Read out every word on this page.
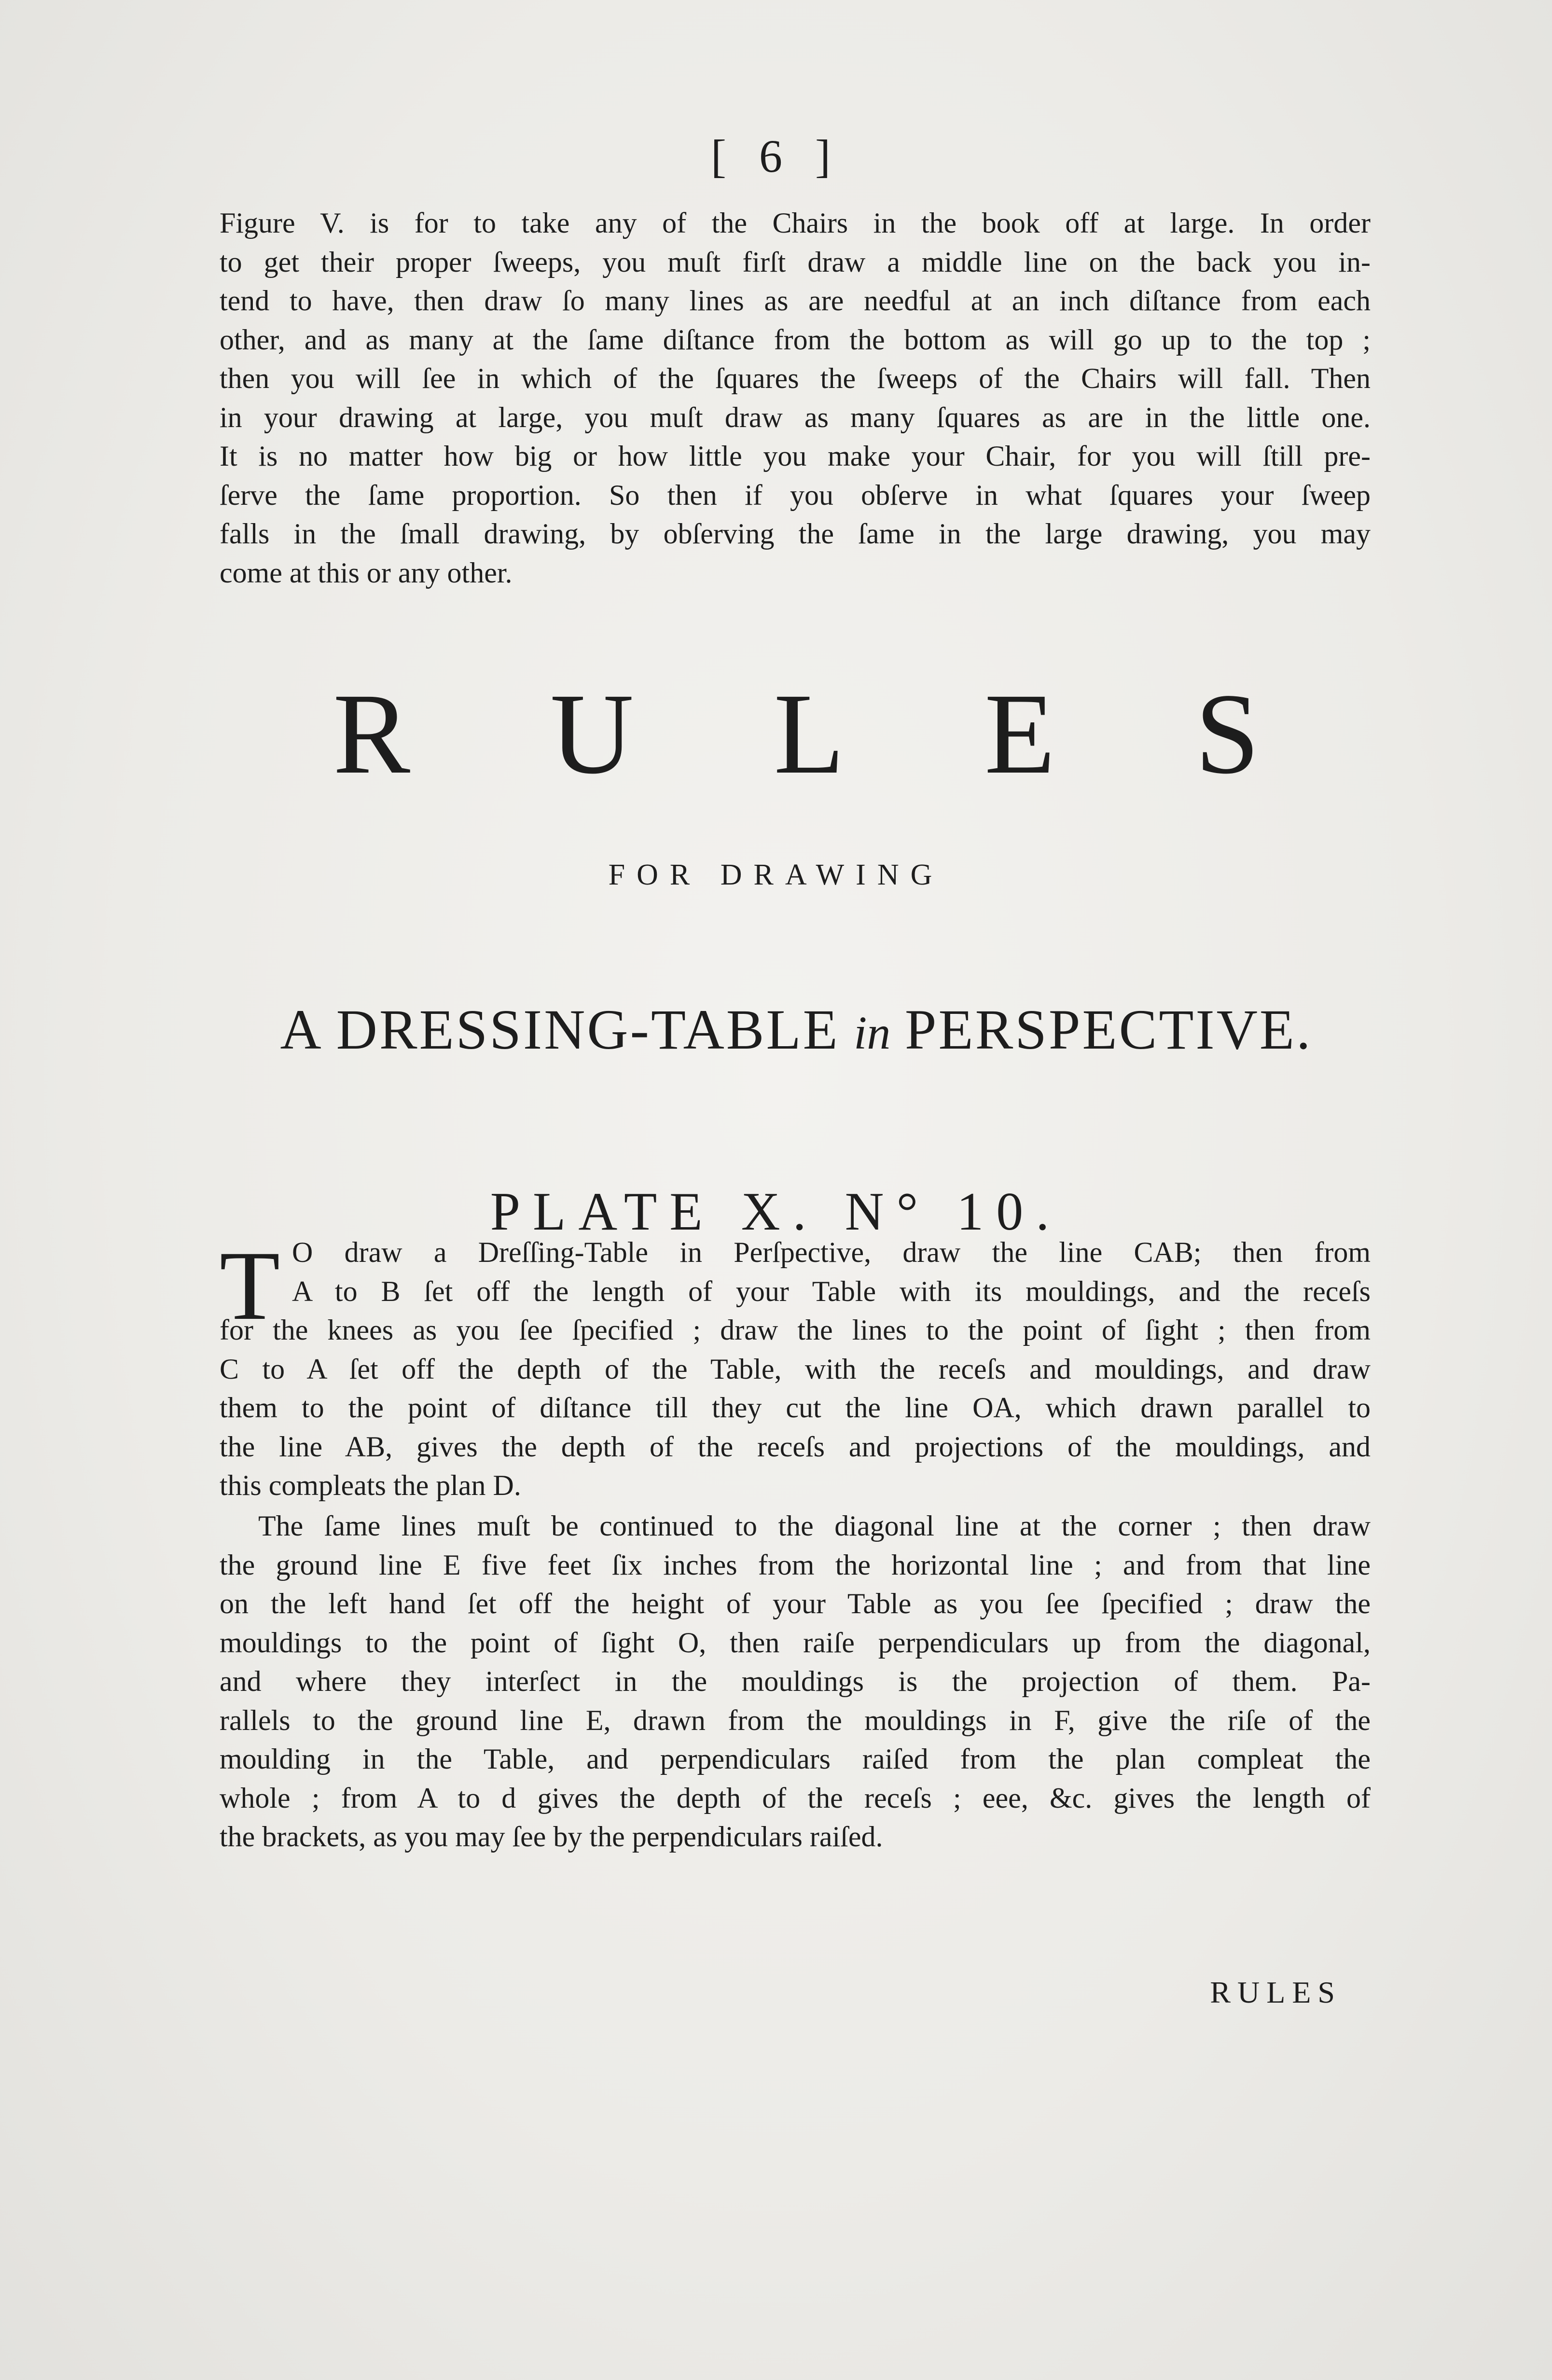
[ 6 ]
Figure V. is for to take any of the Chairs in the book off at large. In order
to get their proper ſweeps, you muſt firſt draw a middle line on the back you in-
tend to have, then draw ſo many lines as are needful at an inch diſtance from each
other, and as many at the ſame diſtance from the bottom as will go up to the top ;
then you will ſee in which of the ſquares the ſweeps of the Chairs will fall. Then
in your drawing at large, you muſt draw as many ſquares as are in the little one.
It is no matter how big or how little you make your Chair, for you will ſtill pre-
ſerve the ſame proportion. So then if you obſerve in what ſquares your ſweep
falls in the ſmall drawing, by obſerving the ſame in the large drawing, you may
come at this or any other.
R U L E S
FOR DRAWING
A DRESSING-TABLE in PERSPECTIVE.
PLATE X. N° 10.
T O draw a Dreſſing-Table in Perſpective, draw the line CAB; then from
A to B ſet off the length of your Table with its mouldings, and the receſs
for the knees as you ſee ſpecified ; draw the lines to the point of ſight ; then from
C to A ſet off the depth of the Table, with the receſs and mouldings, and draw
them to the point of diſtance till they cut the line OA, which drawn parallel to
the line AB, gives the depth of the receſs and projections of the mouldings, and
this compleats the plan D.
The ſame lines muſt be continued to the diagonal line at the corner ; then draw
the ground line E five feet ſix inches from the horizontal line ; and from that line
on the left hand ſet off the height of your Table as you ſee ſpecified ; draw the
mouldings to the point of ſight O, then raiſe perpendiculars up from the diagonal,
and where they interſect in the mouldings is the projection of them. Pa-
rallels to the ground line E, drawn from the mouldings in F, give the riſe of the
moulding in the Table, and perpendiculars raiſed from the plan compleat the
whole ; from A to d gives the depth of the receſs ; eee, &c. gives the length of
the brackets, as you may ſee by the perpendiculars raiſed.
RULES
